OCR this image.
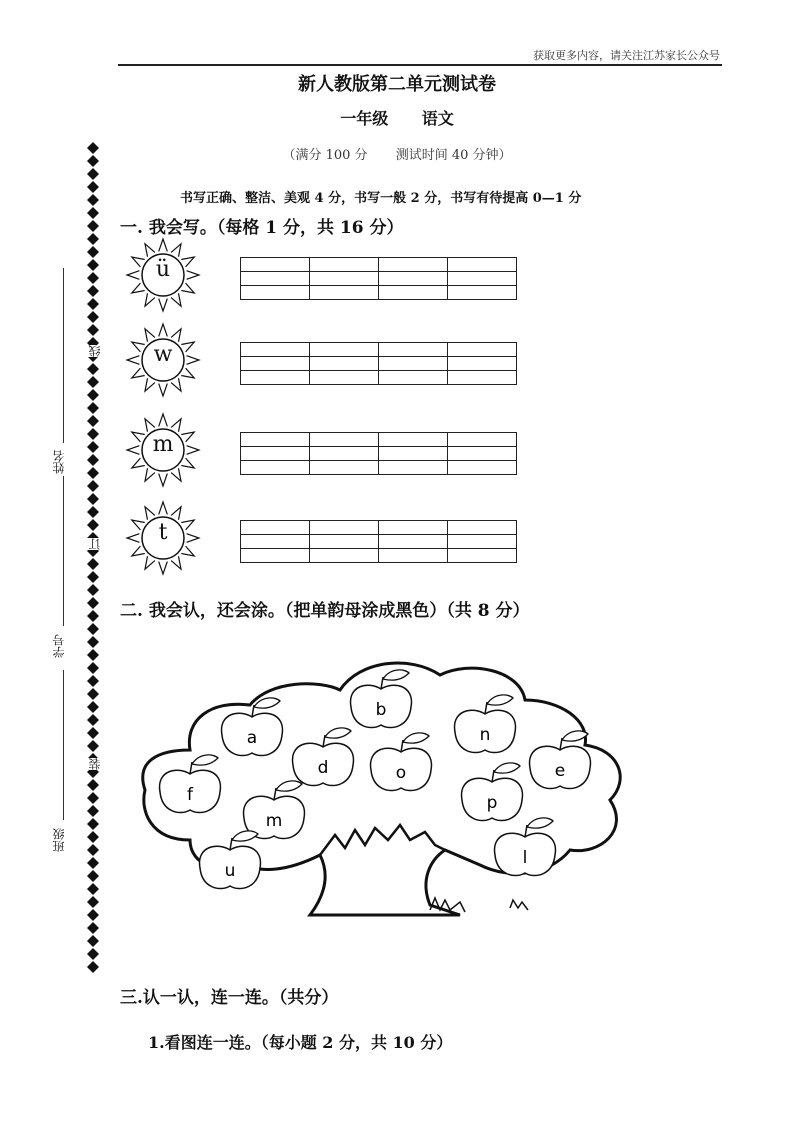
获取更多内容，请关注江苏家长公众号
新人教版第二单元测试卷
一年级 语文
（满分 100 分 测试时间 40 分钟）
书写正确、整洁、美观 4 分，书写一般 2 分，书写有待提高 0—1 分
姓名
学号
班级
线
订
装
一. 我会写。（每格 1 分，共 16 分）
ü

w

m

t

二. 我会认，还会涂。（把单韵母涂成黑色）（共 8 分）
a
b
n
d	o	e
f
m
p
u
l
三.认一认，连一连。（共分）
1.看图连一连。（每小题 2 分，共 10 分）
